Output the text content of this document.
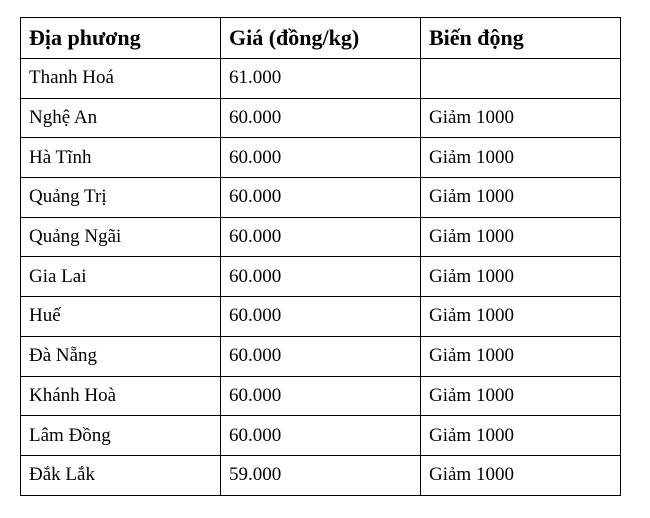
Địa phương	Giá (đồng/kg)	Biến động
Thanh Hoá	61.000	
Nghệ An	60.000	Giảm 1000
Hà Tĩnh	60.000	Giảm 1000
Quảng Trị	60.000	Giảm 1000
Quảng Ngãi	60.000	Giảm 1000
Gia Lai	60.000	Giảm 1000
Huế	60.000	Giảm 1000
Đà Nẵng	60.000	Giảm 1000
Khánh Hoà	60.000	Giảm 1000
Lâm Đồng	60.000	Giảm 1000
Đắk Lắk	59.000	Giảm 1000
